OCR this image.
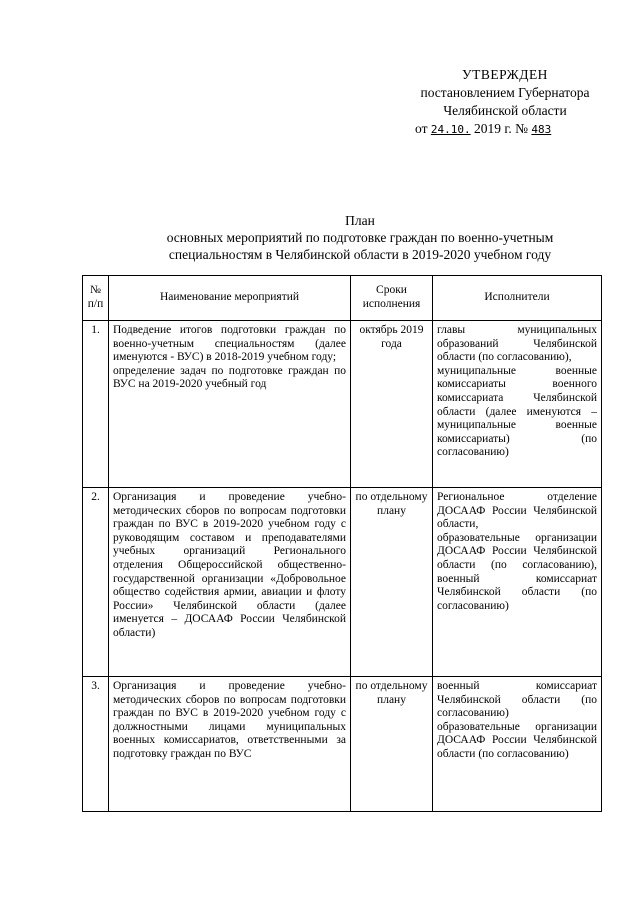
УТВЕРЖДЕН
постановлением Губернатора
Челябинской области
от 24.10. 2019 г. № 483
План
основных мероприятий по подготовке граждан по военно-учетным
специальностям в Челябинской области в 2019-2020 учебном году
№ п/п	Наименование мероприятий	Сроки исполнения	Исполнители
1.	Подведение итогов подготовки граждан по военно-учетным специальностям (далее именуются - ВУС) в 2018-2019 учебном году;
определение задач по подготовке граждан по ВУС на 2019-2020 учебный год	октябрь 2019 года	главы муниципальных образований Челябинской области (по согласованию),
муниципальные военные комиссариаты военного комиссариата Челябинской области (далее именуются – муниципальные военные комиссариаты) (по согласованию)

2.	Организация и проведение учебно-методических сборов по вопросам подготовки граждан по ВУС в 2019-2020 учебном году с руководящим составом и преподавателями учебных организаций Регионального отделения Общероссийской общественно-государственной организации «Добровольное общество содействия армии, авиации и флоту России» Челябинской области (далее именуется – ДОСААФ России Челябинской области)	по отдельному плану	Региональное отделение ДОСААФ России Челябинской области,
образовательные организации ДОСААФ России Челябинской области (по согласованию), военный комиссариат Челябинской области (по согласованию)

3.	Организация и проведение учебно-методических сборов по вопросам подготовки граждан по ВУС в 2019-2020 учебном году с должностными лицами муниципальных военных комиссариатов, ответственными за подготовку граждан по ВУС	по отдельному плану	военный комиссариат Челябинской области (по согласованию)
образовательные организации ДОСААФ России Челябинской области (по согласованию)
